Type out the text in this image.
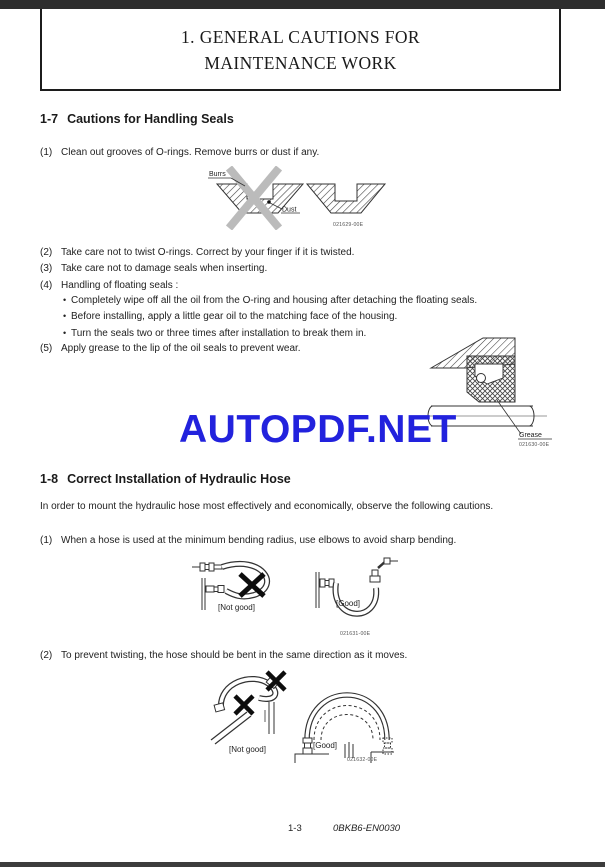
1. GENERAL CAUTIONS FOR
MAINTENANCE WORK
1-7 Cautions for Handling Seals
(1) Clean out grooves of O-rings. Remove burrs or dust if any.
Burrs
Dust
021629-00E
(2) Take care not to twist O-rings. Correct by your finger if it is twisted.
(3) Take care not to damage seals when inserting.
(4) Handling of floating seals :
• Completely wipe off all the oil from the O-ring and housing after detaching the floating seals.
• Before installing, apply a little gear oil to the matching face of the housing.
• Turn the seals two or three times after installation to break them in.
(5) Apply grease to the lip of the oil seals to prevent wear.
Grease
021630-00E
AUTOPDF.NET
1-8 Correct Installation of Hydraulic Hose
In order to mount the hydraulic hose most effectively and economically, observe the following cautions.
(1) When a hose is used at the minimum bending radius, use elbows to avoid sharp bending.
[Not good]	[Good]
021631-00E
(2) To prevent twisting, the hose should be bent in the same direction as it moves.
[Not good]	[Good]
021632-00E
1-3	0BKB6-EN0030
